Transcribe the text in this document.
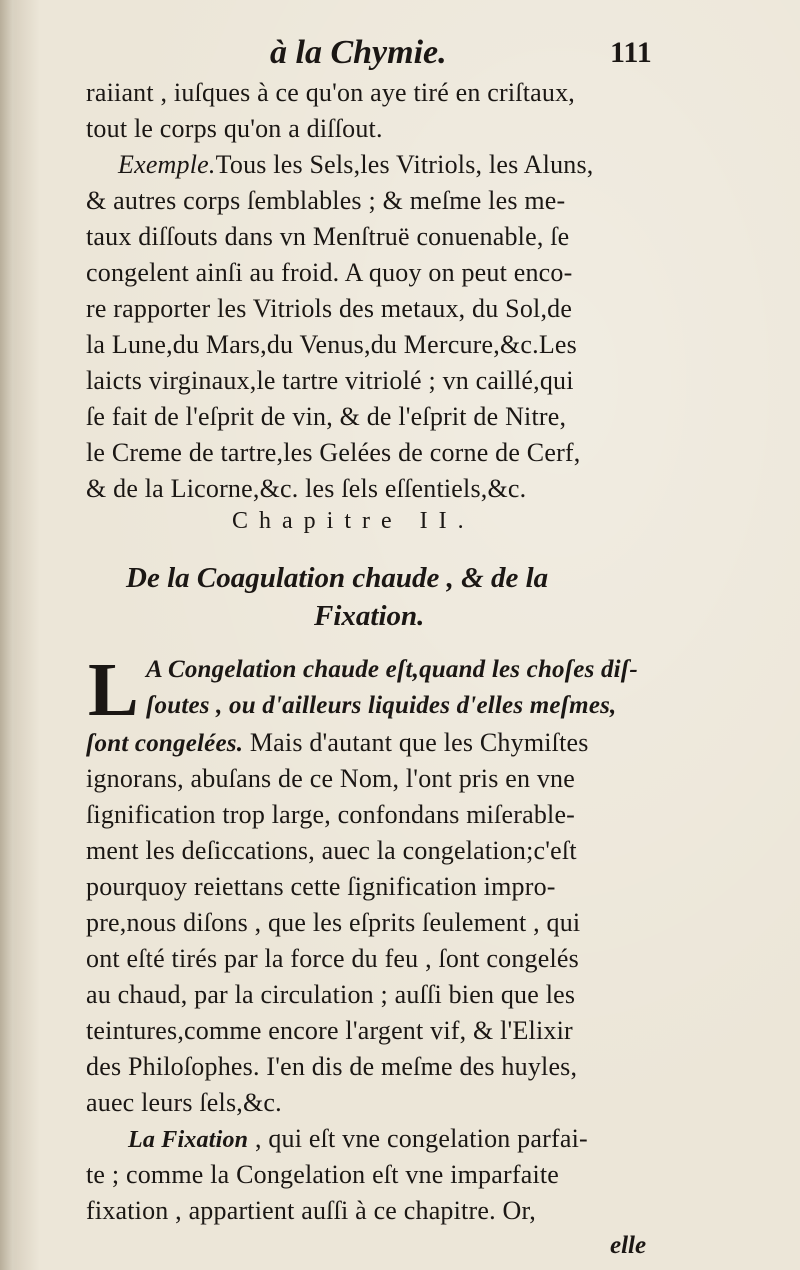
à la Chymie.	111
raiiant , iuſques à ce qu'on aye tiré en criſtaux,
tout le corps qu'on a diſſout.
Exemple.Tous les Sels,les Vitriols, les Aluns,
& autres corps ſemblables ; & meſme les me-
taux diſſouts dans vn Menſtruë conuenable, ſe
congelent ainſi au froid. A quoy on peut enco-
re rapporter les Vitriols des metaux, du Sol,de
la Lune,du Mars,du Venus,du Mercure,&c.Les
laicts virginaux,le tartre vitriolé ; vn caillé,qui
ſe fait de l'eſprit de vin, & de l'eſprit de Nitre,
le Creme de tartre,les Gelées de corne de Cerf,
& de la Licorne,&c. les ſels eſſentiels,&c.
Chapitre II.
De la Coagulation chaude , & de la
Fixation.
L A Congelation chaude eſt,quand les choſes diſ-
ſoutes , ou d'ailleurs liquides d'elles meſmes,
ſont congelées. Mais d'autant que les Chymiſtes
ignorans, abuſans de ce Nom, l'ont pris en vne
ſignification trop large, confondans miſerable-
ment les deſiccations, auec la congelation;c'eſt
pourquoy reiettans cette ſignification impro-
pre,nous diſons , que les eſprits ſeulement , qui
ont eſté tirés par la force du feu , ſont congelés
au chaud, par la circulation ; auſſi bien que les
teintures,comme encore l'argent vif, & l'Elixir
des Philoſophes. I'en dis de meſme des huyles,
auec leurs ſels,&c.
La Fixation , qui eſt vne congelation parfai-
te ; comme la Congelation eſt vne imparfaite
fixation , appartient auſſi à ce chapitre. Or,
elle
